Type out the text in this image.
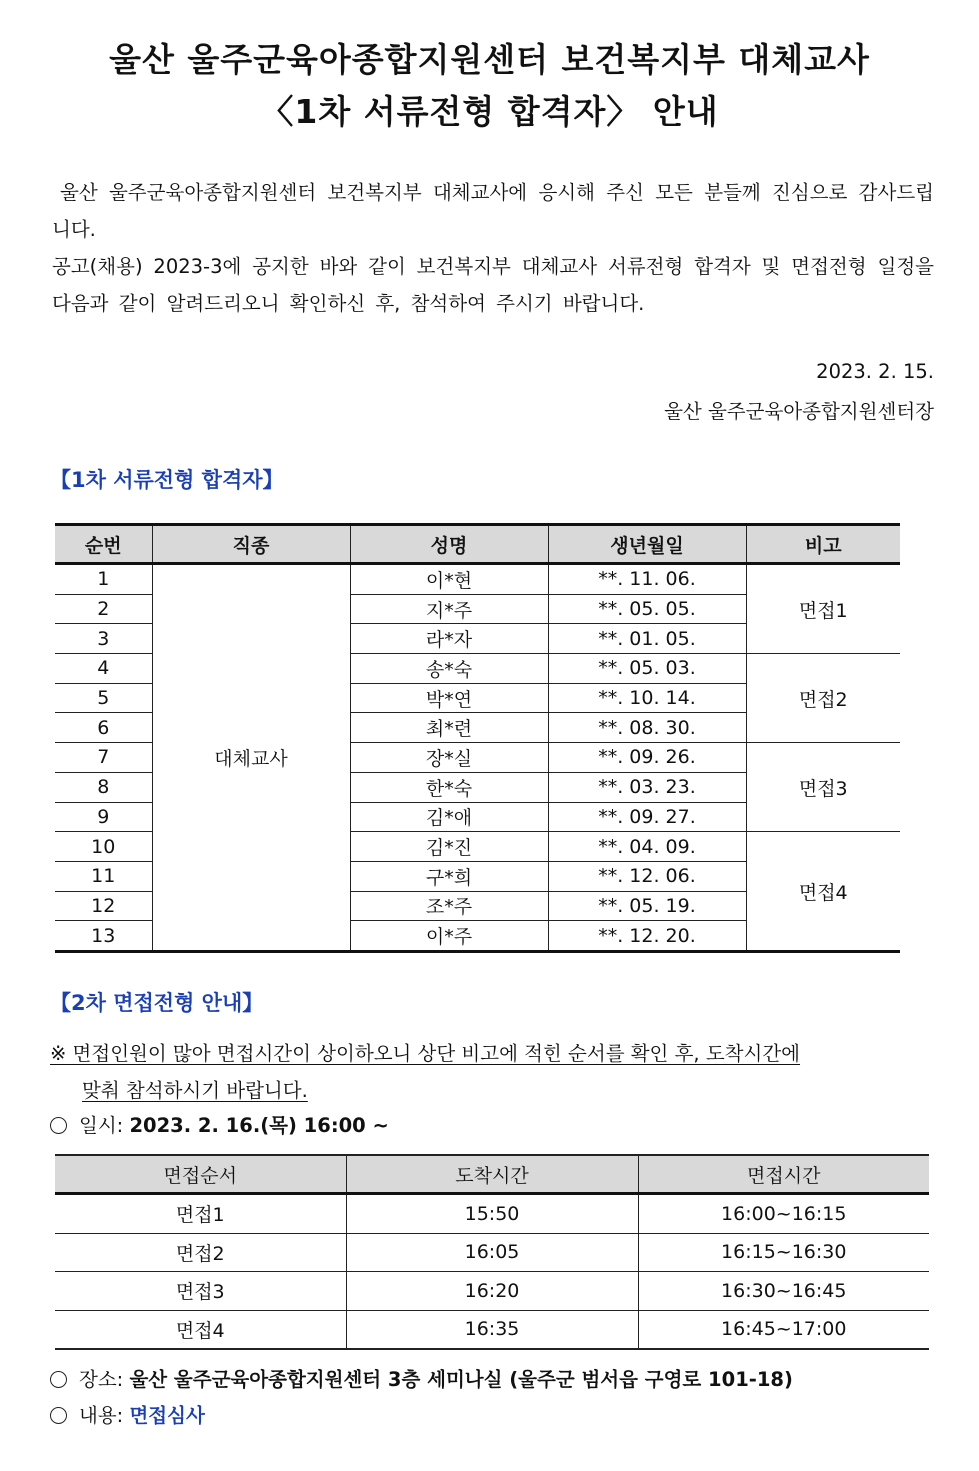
울산 울주군육아종합지원센터 보건복지부 대체교사
〈1차 서류전형 합격자〉 안내
울산 울주군육아종합지원센터 보건복지부 대체교사에 응시해 주신 모든 분들께 진심으로 감사드립니다.
공고(채용) 2023-3에 공지한 바와 같이 보건복지부 대체교사 서류전형 합격자 및 면접전형 일정을 다음과 같이 알려드리오니 확인하신 후, 참석하여 주시기 바랍니다.
2023. 2. 15.
울산 울주군육아종합지원센터장
【1차 서류전형 합격자】
순번	직종	성명	생년월일	비고
1	대체교사	이*현	**. 11. 06.	면접1
2		지*주	**. 05. 05.	
3		라*자	**. 01. 05.	
4		송*숙	**. 05. 03.	면접2
5		박*연	**. 10. 14.	
6		최*련	**. 08. 30.	
7		장*실	**. 09. 26.	면접3
8		한*숙	**. 03. 23.	
9		김*애	**. 09. 27.	
10		김*진	**. 04. 09.	면접4
11		구*희	**. 12. 06.	
12		조*주	**. 05. 19.	
13		이*주	**. 12. 20.	
【2차 면접전형 안내】
※ 면접인원이 많아 면접시간이 상이하오니 상단 비고에 적힌 순서를 확인 후, 도착시간에
맞춰 참석하시기 바랍니다.
일시: 2023. 2. 16.(목) 16:00 ~
면접순서	도착시간	면접시간
면접1	15:50	16:00~16:15
면접2	16:05	16:15~16:30
면접3	16:20	16:30~16:45
면접4	16:35	16:45~17:00
장소: 울산 울주군육아종합지원센터 3층 세미나실 (울주군 범서읍 구영로 101-18)
내용: 면접심사
